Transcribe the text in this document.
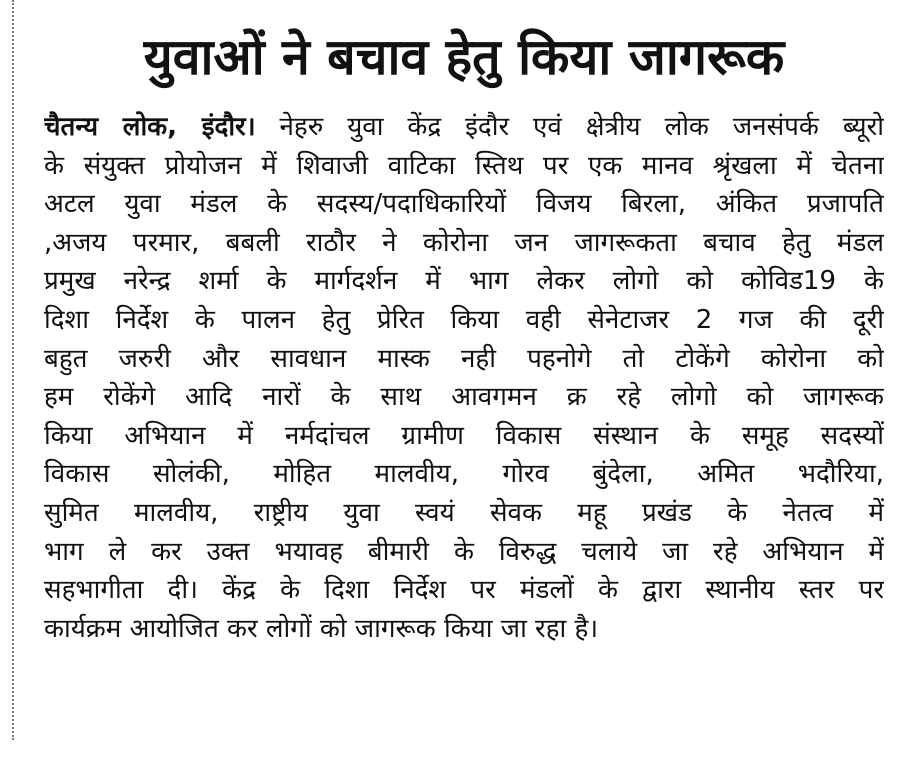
युवाओं ने बचाव हेतु किया जागरूक
चैतन्य लोक, इंदौर। नेहरु युवा केंद्र इंदौर एवं क्षेत्रीय लोक जनसंपर्क ब्यूरो
के संयुक्त प्रोयोजन में शिवाजी वाटिका स्तिथ पर एक मानव श्रृंखला में चेतना
अटल युवा मंडल के सदस्य/पदाधिकारियों विजय बिरला, अंकित प्रजापति
,अजय परमार, बबली राठौर ने कोरोना जन जागरूकता बचाव हेतु मंडल
प्रमुख नरेन्द्र शर्मा के मार्गदर्शन में भाग लेकर लोगो को कोविड19 के
दिशा निर्देश के पालन हेतु प्रेरित किया वही सेनेटाजर 2 गज की दूरी
बहुत जरुरी और सावधान मास्क नही पहनोगे तो टोकेंगे कोरोना को
हम रोकेंगे आदि नारों के साथ आवगमन क्र रहे लोगो को जागरूक
किया अभियान में नर्मदांचल ग्रामीण विकास संस्थान के समूह सदस्यों
विकास सोलंकी, मोहित मालवीय, गोरव बुंदेला, अमित भदौरिया,
सुमित मालवीय, राष्ट्रीय युवा स्वयं सेवक महू प्रखंड के नेतत्व में
भाग ले कर उक्त भयावह बीमारी के विरुद्ध चलाये जा रहे अभियान में
सहभागीता दी। केंद्र के दिशा निर्देश पर मंडलों के द्वारा स्थानीय स्तर पर
कार्यक्रम आयोजित कर लोगों को जागरूक किया जा रहा है।
